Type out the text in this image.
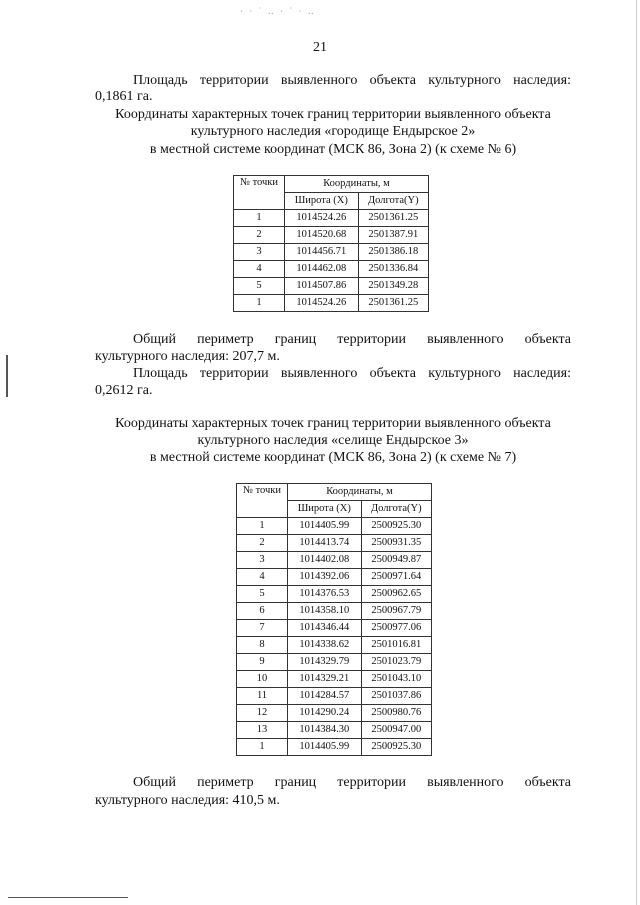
· · ˙ ‥ · ˙ · ‥
21
Площадь территории выявленного объекта культурного наследия:
0,1861 га.
Координаты характерных точек границ территории выявленного объекта
культурного наследия «городище Ендырское 2»
в местной системе координат (МСК 86, Зона 2) (к схеме № 6)
№ точки	Координаты, м	
	Широта (X)	Долгота(Y)
1	1014524.26	2501361.25
2	1014520.68	2501387.91
3	1014456.71	2501386.18
4	1014462.08	2501336.84
5	1014507.86	2501349.28
1	1014524.26	2501361.25
Общий периметр границ территории выявленного объекта
культурного наследия: 207,7 м.
Площадь территории выявленного объекта культурного наследия:
0,2612 га.
Координаты характерных точек границ территории выявленного объекта
культурного наследия «селище Ендырское 3»
в местной системе координат (МСК 86, Зона 2) (к схеме № 7)
№ точки	Координаты, м	
	Широта (X)	Долгота(Y)
1	1014405.99	2500925.30
2	1014413.74	2500931.35
3	1014402.08	2500949.87
4	1014392.06	2500971.64
5	1014376.53	2500962.65
6	1014358.10	2500967.79
7	1014346.44	2500977.06
8	1014338.62	2501016.81
9	1014329.79	2501023.79
10	1014329.21	2501043.10
11	1014284.57	2501037.86
12	1014290.24	2500980.76
13	1014384.30	2500947.00
1	1014405.99	2500925.30
Общий периметр границ территории выявленного объекта
культурного наследия: 410,5 м.
